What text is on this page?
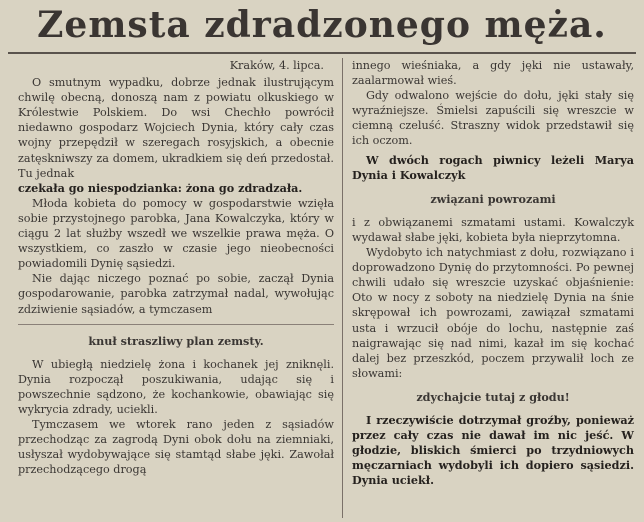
Zemsta zdradzonego męża.

Kraków, 4. lipca.

O smutnym wypadku, dobrze jednak ilustrującym chwilę obecną, donoszą nam z powiatu olkuskiego w Królestwie Polskiem. Do wsi Chechło powrócił niedawno gospodarz Wojciech Dynia, który cały czas wojny przepędził w szeregach rosyjskich, a obecnie zatęskniwszy za domem, ukradkiem się deń przedostał. Tu jednak

czekała go niespodzianka: żona go zdradzała.

Młoda kobieta do pomocy w gospodarstwie wzięła sobie przystojnego parobka, Jana Kowalczyka, który w ciągu 2 lat służby wszedł we wszelkie prawa męża. O wszystkiem, co zaszło w czasie jego nieobecności powiadomili Dynię sąsiedzi.

Nie dając niczego poznać po sobie, zaczął Dynia gospodarowanie, parobka zatrzymał nadal, wywołując zdziwienie sąsiadów, a tymczasem

knuł straszliwy plan zemsty.

W ubiegłą niedzielę żona i kochanek jej zniknęli. Dynia rozpoczął poszukiwania, udając się i powszechnie sądzono, że kochankowie, obawiając się wykrycia zdrady, uciekli.

Tymczasem we wtorek rano jeden z sąsiadów przechodząc za zagrodą Dyni obok dołu na ziemniaki, usłyszał wydobywające się stamtąd słabe jęki. Zawołał przechodzącego drogą

innego wieśniaka, a gdy jęki nie ustawały, zaalarmował wieś.

Gdy odwalono wejście do dołu, jęki stały się wyraźniejsze. Śmielsi zapuścili się wreszcie w ciemną czeluść. Straszny widok przedstawił się ich oczom.

W dwóch rogach piwnicy leżeli Marya Dynia i Kowalczyk

związani powrozami

i z obwiązanemi szmatami ustami. Kowalczyk wydawał słabe jęki, kobieta była nieprzytomna.

Wydobyto ich natychmiast z dołu, rozwiązano i doprowadzono Dynię do przytomności. Po pewnej chwili udało się wreszcie uzyskać objaśnienie: Oto w nocy z soboty na niedzielę Dynia na śnie skrępował ich powrozami, zawiązał szmatami usta i wrzucił obóje do lochu, następnie zaś naigrawając się nad nimi, kazał im się kochać dalej bez przeszkód, poczem przywalił loch ze słowami:

zdychajcie tutaj z głodu!

I rzeczywiście dotrzymał groźby, ponieważ przez cały czas nie dawał im nic jeść. W głodzie, bliskich śmierci po trzydniowych męczarniach wydobyli ich dopiero sąsiedzi. Dynia uciekł.
